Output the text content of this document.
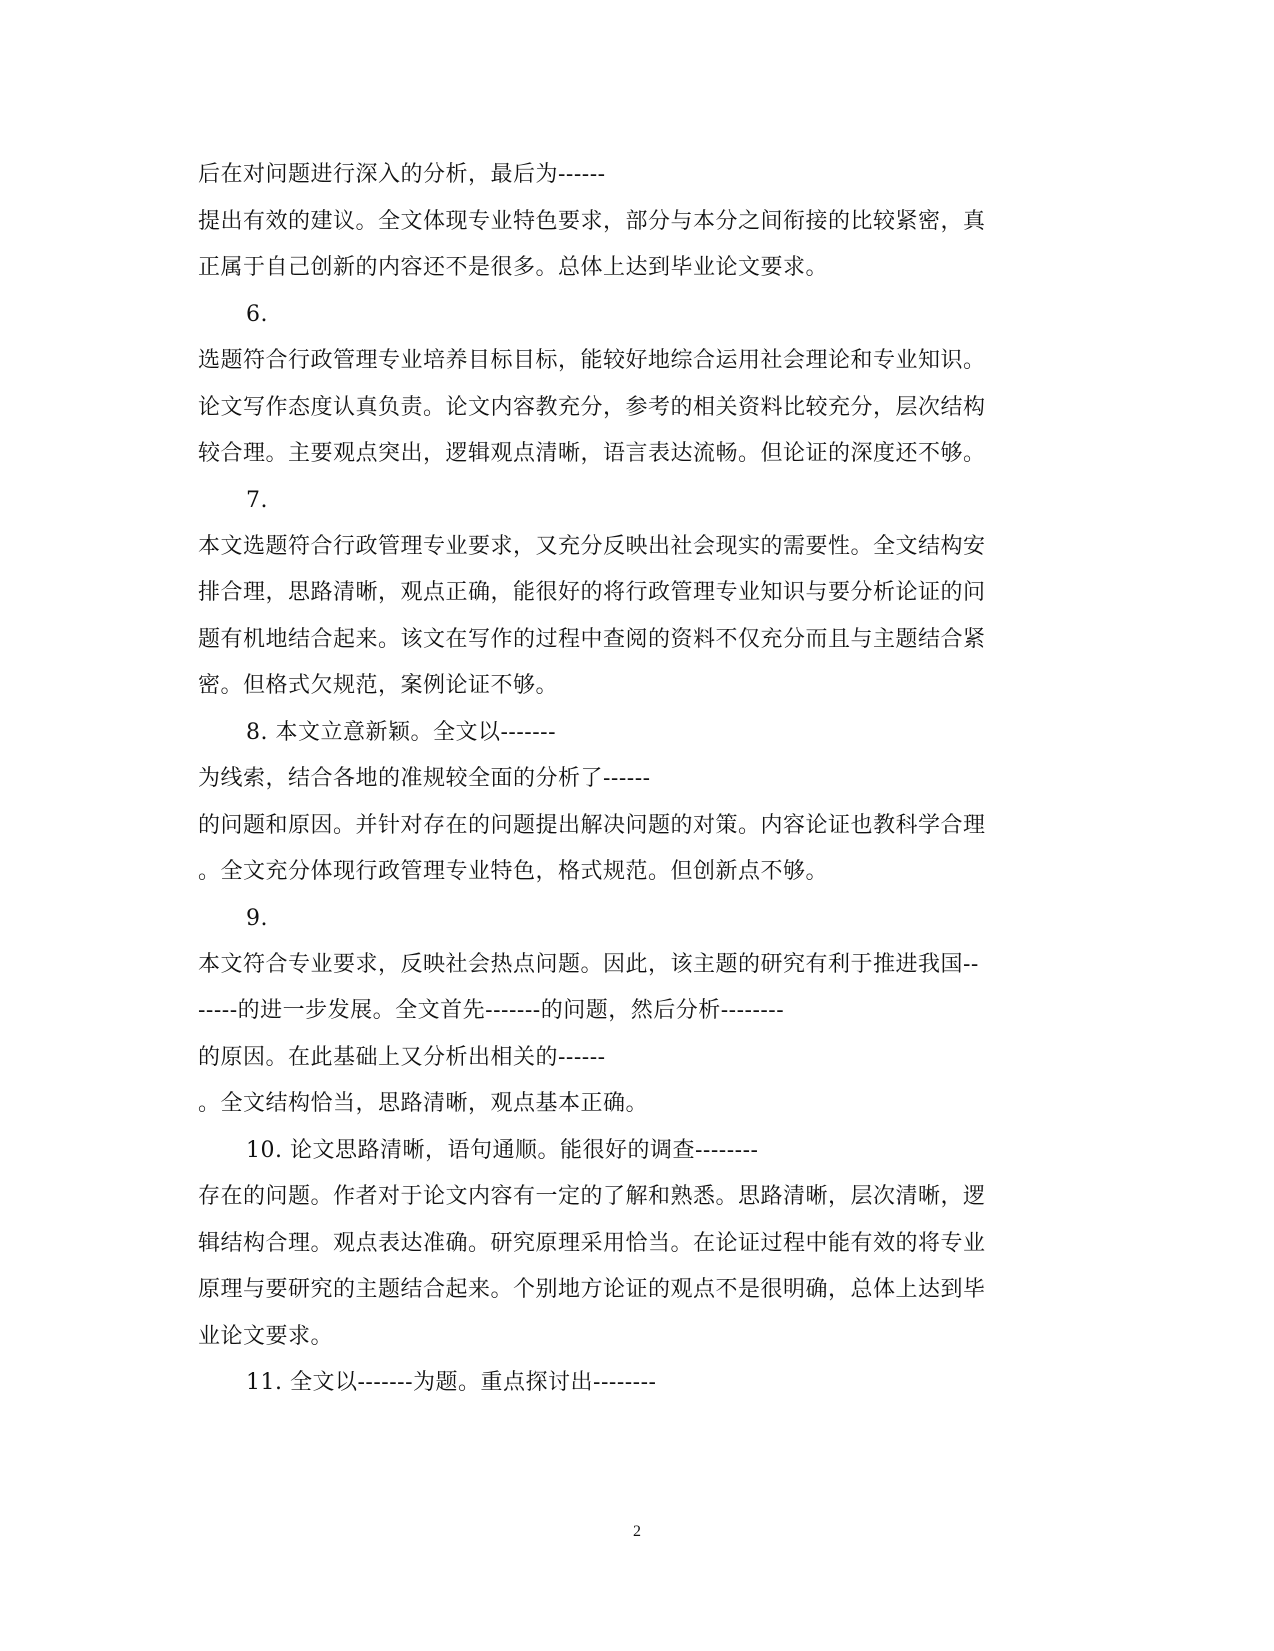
后在对问题进行深入的分析，最后为------
提出有效的建议。全文体现专业特色要求，部分与本分之间衔接的比较紧密，真
正属于自己创新的内容还不是很多。总体上达到毕业论文要求。
6.
选题符合行政管理专业培养目标目标，能较好地综合运用社会理论和专业知识。
论文写作态度认真负责。论文内容教充分，参考的相关资料比较充分，层次结构
较合理。主要观点突出，逻辑观点清晰，语言表达流畅。但论证的深度还不够。
7.
本文选题符合行政管理专业要求，又充分反映出社会现实的需要性。全文结构安
排合理，思路清晰，观点正确，能很好的将行政管理专业知识与要分析论证的问
题有机地结合起来。该文在写作的过程中查阅的资料不仅充分而且与主题结合紧
密。但格式欠规范，案例论证不够。
8. 本文立意新颖。全文以-------
为线索，结合各地的准规较全面的分析了------
的问题和原因。并针对存在的问题提出解决问题的对策。内容论证也教科学合理
。全文充分体现行政管理专业特色，格式规范。但创新点不够。
9.
本文符合专业要求，反映社会热点问题。因此，该主题的研究有利于推进我国--
-----的进一步发展。全文首先-------的问题，然后分析--------
的原因。在此基础上又分析出相关的------
。全文结构恰当，思路清晰，观点基本正确。
10. 论文思路清晰，语句通顺。能很好的调查--------
存在的问题。作者对于论文内容有一定的了解和熟悉。思路清晰，层次清晰，逻
辑结构合理。观点表达准确。研究原理采用恰当。在论证过程中能有效的将专业
原理与要研究的主题结合起来。个别地方论证的观点不是很明确，总体上达到毕
业论文要求。
11. 全文以-------为题。重点探讨出--------
2
